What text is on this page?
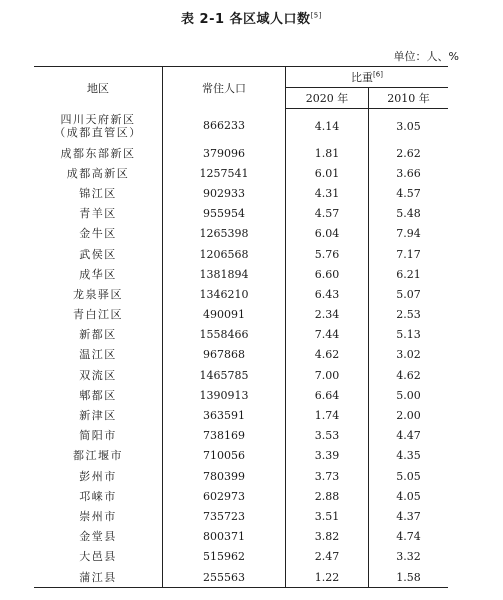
表 2-1 各区域人口数[5]
单位：人、%
地区	常住人口	比重[6]
		2020 年	2010 年
四川天府新区
（成都直管区）	866233	4.14	3.05
成都东部新区	379096	1.81	2.62
成都高新区	1257541	6.01	3.66
锦江区	902933	4.31	4.57
青羊区	955954	4.57	5.48
金牛区	1265398	6.04	7.94
武侯区	1206568	5.76	7.17
成华区	1381894	6.60	6.21
龙泉驿区	1346210	6.43	5.07
青白江区	490091	2.34	2.53
新都区	1558466	7.44	5.13
温江区	967868	4.62	3.02
双流区	1465785	7.00	4.62
郫都区	1390913	6.64	5.00
新津区	363591	1.74	2.00
简阳市	738169	3.53	4.47
都江堰市	710056	3.39	4.35
彭州市	780399	3.73	5.05
邛崃市	602973	2.88	4.05
崇州市	735723	3.51	4.37
金堂县	800371	3.82	4.74
大邑县	515962	2.47	3.32
蒲江县	255563	1.22	1.58
